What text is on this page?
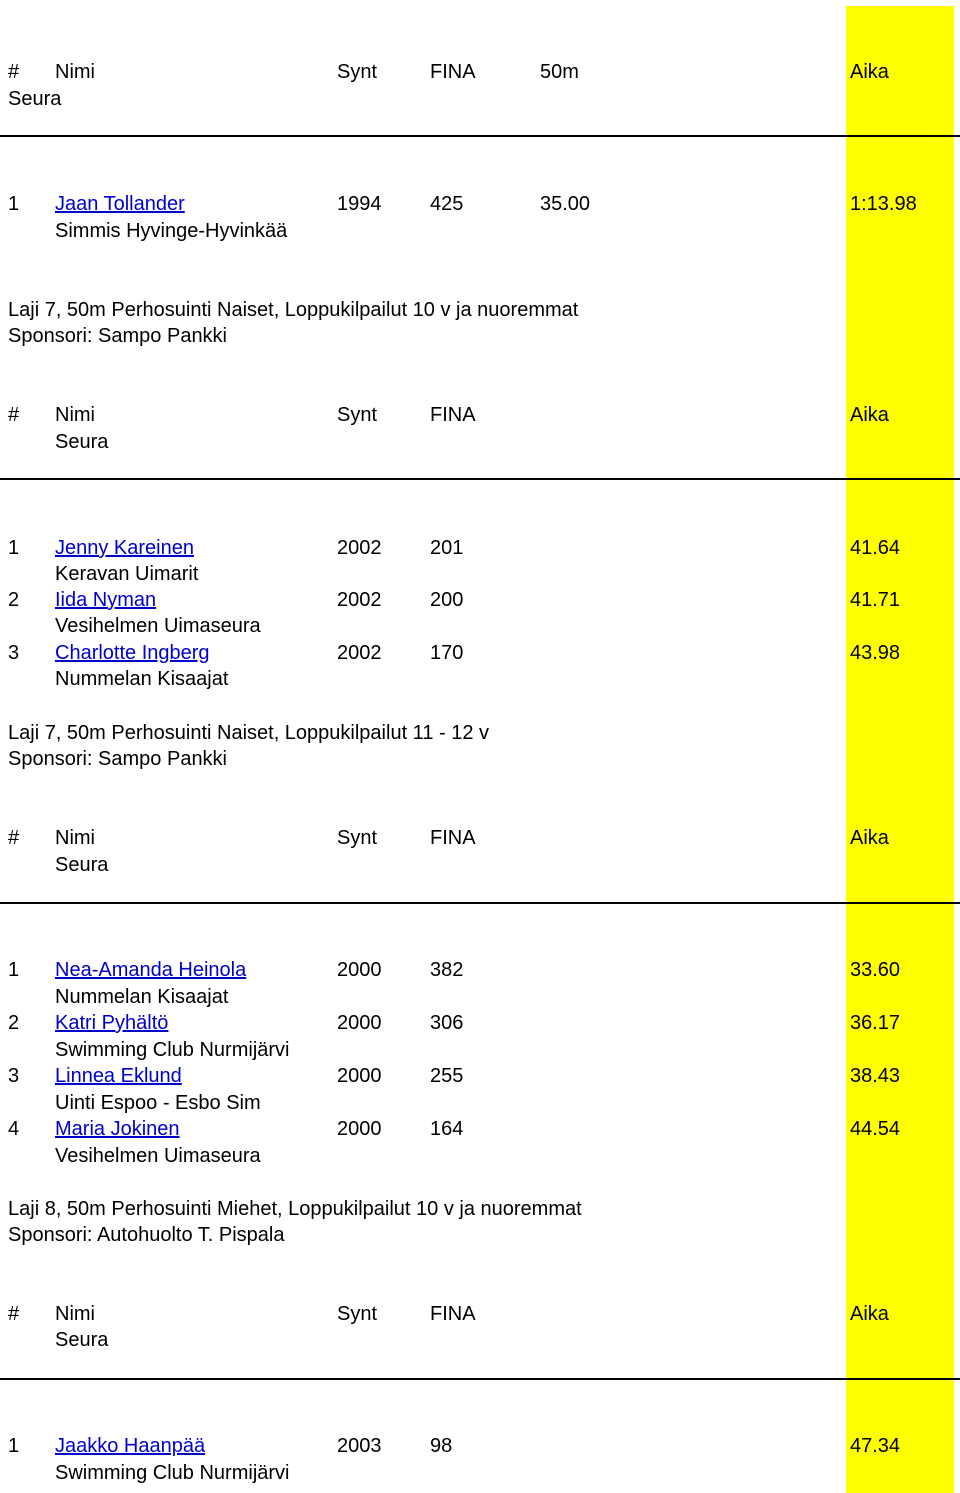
# Nimi	Synt	FINA	50m	Aika
Seura
1 Jaan Tollander	1994 425	35.00	1:13.98
Simmis Hyvinge-Hyvinkää
Laji 7, 50m Perhosuinti Naiset, Loppukilpailut 10 v ja nuoremmat
Sponsori: Sampo Pankki
# Nimi	Synt	FINA	Aika
Seura
1 Jenny Kareinen	2002 201	41.64
Keravan Uimarit
2 Iida Nyman	2002 200	41.71
Vesihelmen Uimaseura
3 Charlotte Ingberg	2002 170	43.98
Nummelan Kisaajat
Laji 7, 50m Perhosuinti Naiset, Loppukilpailut 11 - 12 v
Sponsori: Sampo Pankki
# Nimi	Synt	FINA	Aika
Seura
1 Nea-Amanda Heinola	2000 382	33.60
Nummelan Kisaajat
2 Katri Pyhältö	2000 306	36.17
Swimming Club Nurmijärvi
3 Linnea Eklund	2000 255	38.43
Uinti Espoo - Esbo Sim
4 Maria Jokinen	2000 164	44.54
Vesihelmen Uimaseura
Laji 8, 50m Perhosuinti Miehet, Loppukilpailut 10 v ja nuoremmat
Sponsori: Autohuolto T. Pispala
# Nimi	Synt	FINA	Aika
Seura
1 Jaakko Haanpää	2003 98	47.34
Swimming Club Nurmijärvi
